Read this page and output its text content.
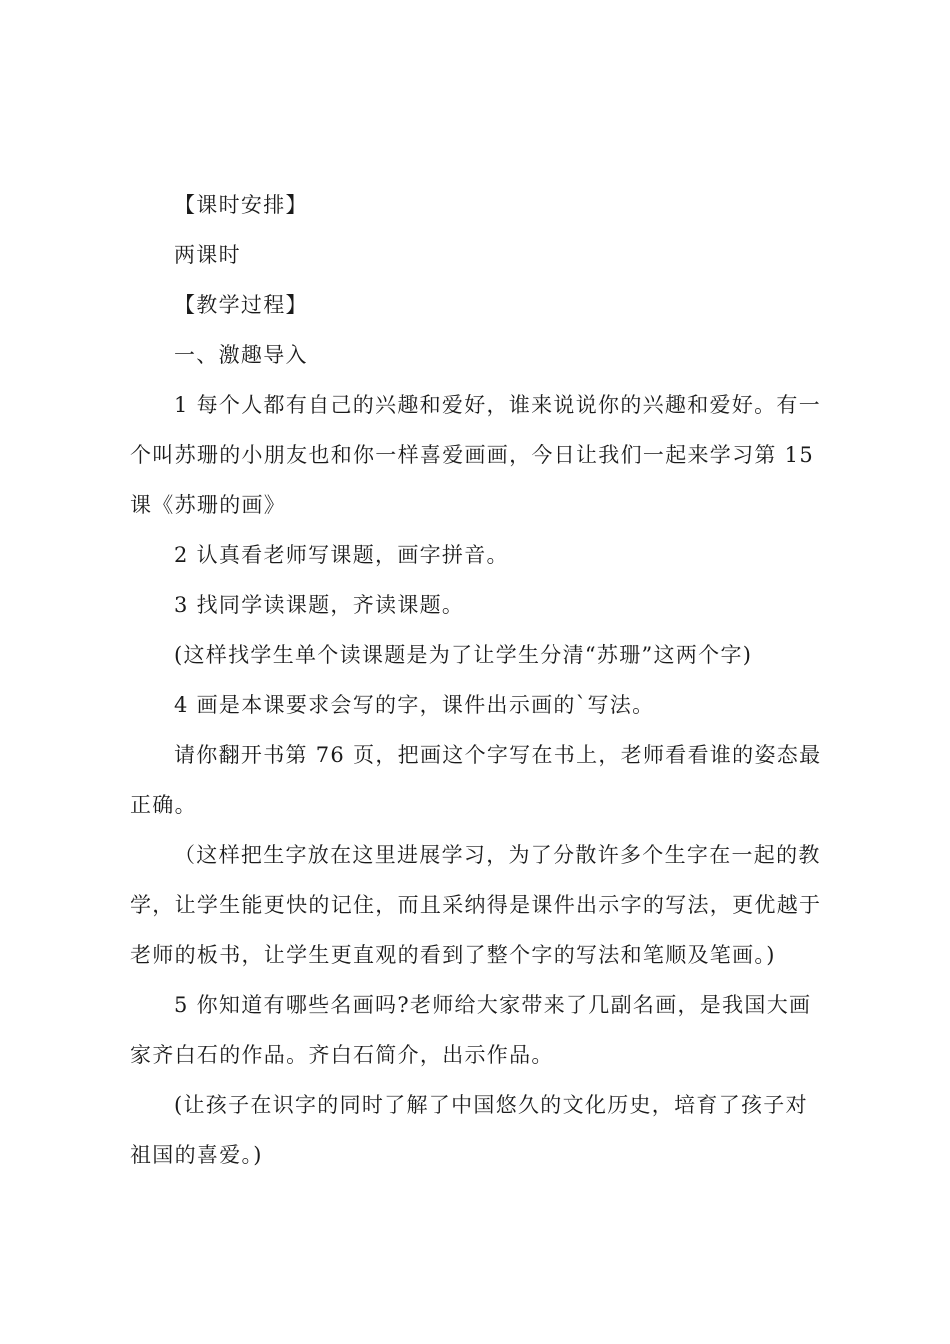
【课时安排】

两课时

【教学过程】

一、激趣导入

1 每个人都有自己的兴趣和爱好，谁来说说你的兴趣和爱好。有一个叫苏珊的小朋友也和你一样喜爱画画，今日让我们一起来学习第 15 课《苏珊的画》

2 认真看老师写课题，画字拼音。

3 找同学读课题，齐读课题。

(这样找学生单个读课题是为了让学生分清“苏珊”这两个字)

4 画是本课要求会写的字，课件出示画的`写法。

请你翻开书第 76 页，把画这个字写在书上，老师看看谁的姿态最正确。

（这样把生字放在这里进展学习，为了分散许多个生字在一起的教学，让学生能更快的记住，而且采纳得是课件出示字的写法，更优越于老师的板书，让学生更直观的看到了整个字的写法和笔顺及笔画。)

5 你知道有哪些名画吗?老师给大家带来了几副名画，是我国大画家齐白石的作品。齐白石简介，出示作品。

(让孩子在识字的同时了解了中国悠久的文化历史，培育了孩子对祖国的喜爱。)
